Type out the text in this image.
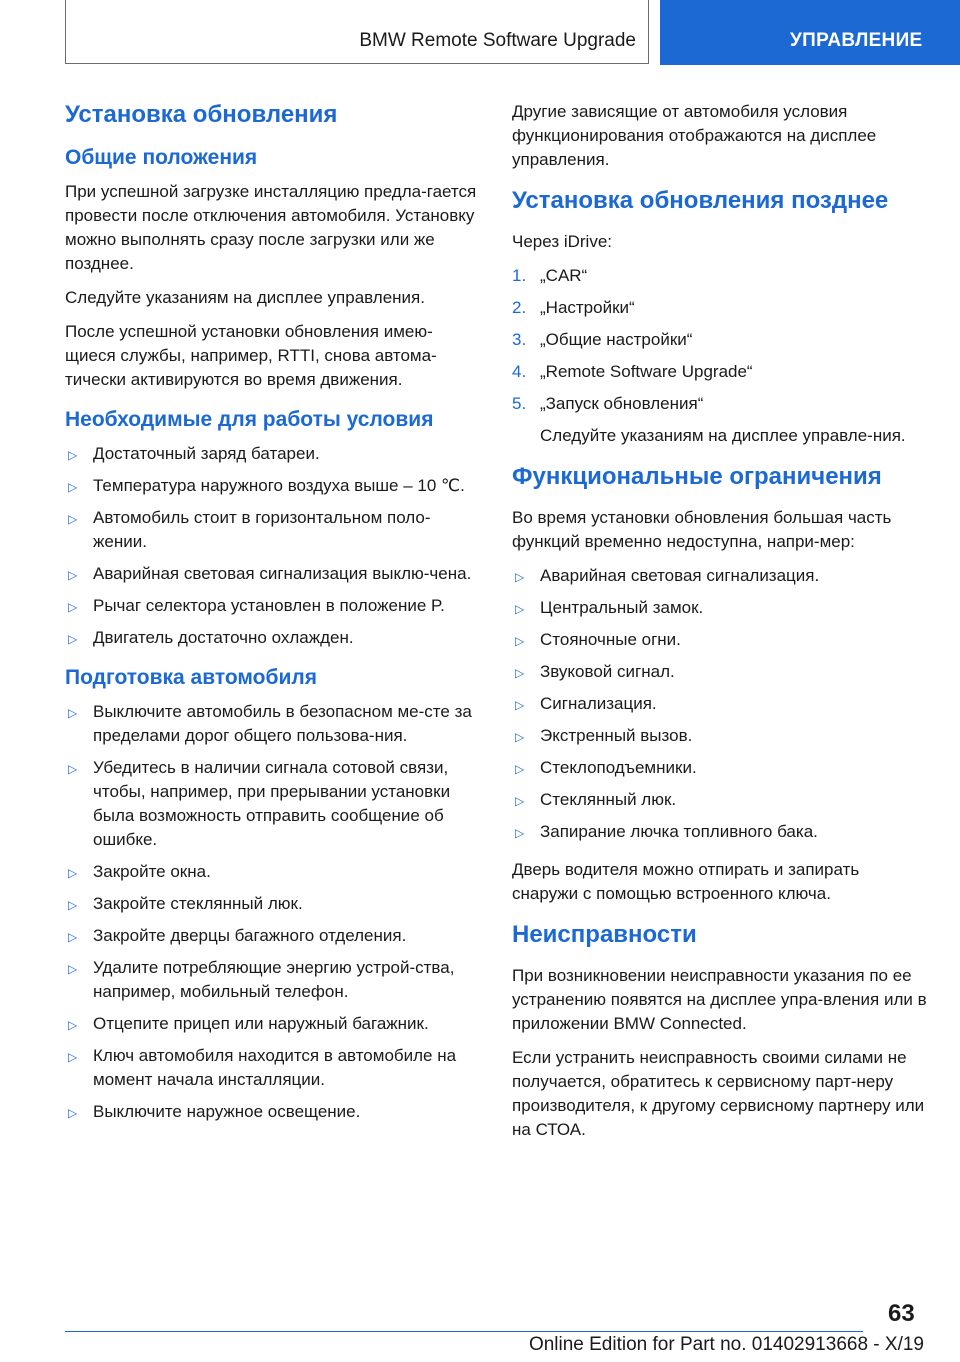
BMW Remote Software Upgrade	УПРАВЛЕНИЕ
Установка обновления
Общие положения

При успешной загрузке инсталляцию предла-гается провести после отключения автомобиля. Установку можно выполнять сразу после загрузки или же позднее.

Следуйте указаниям на дисплее управления.

После успешной установки обновления имею-щиеся службы, например, RTTI, снова автома-тически активируются во время движения.

Необходимые для работы условия
▷ Достаточный заряд батареи.
▷ Температура наружного воздуха выше – 10 ℃.
▷ Автомобиль стоит в горизонтальном поло-жении.
▷ Аварийная световая сигнализация выклю-чена.
▷ Рычаг селектора установлен в положение P.
▷ Двигатель достаточно охлажден.
Подготовка автомобиля
▷ Выключите автомобиль в безопасном ме-сте за пределами дорог общего пользова-ния.
▷ Убедитесь в наличии сигнала сотовой связи, чтобы, например, при прерывании установки была возможность отправить сообщение об ошибке.
▷ Закройте окна.
▷ Закройте стеклянный люк.
▷ Закройте дверцы багажного отделения.
▷ Удалите потребляющие энергию устрой-ства, например, мобильный телефон.
▷ Отцепите прицеп или наружный багажник.
▷ Ключ автомобиля находится в автомобиле на момент начала инсталляции.
▷ Выключите наружное освещение.

Другие зависящие от автомобиля условия функционирования отображаются на дисплее управления.

Установка обновления позднее

Через iDrive:

1. „CAR“
2. „Настройки“
3. „Общие настройки“
4. „Remote Software Upgrade“
5. „Запуск обновления“
Следуйте указаниям на дисплее управле-ния.
Функциональные ограничения

Во время установки обновления большая часть функций временно недоступна, напри-мер:

▷ Аварийная световая сигнализация.
▷ Центральный замок.
▷ Стояночные огни.
▷ Звуковой сигнал.
▷ Сигнализация.
▷ Экстренный вызов.
▷ Стеклоподъемники.
▷ Стеклянный люк.
▷ Запирание лючка топливного бака.

Дверь водителя можно отпирать и запирать снаружи с помощью встроенного ключа.

Неисправности

При возникновении неисправности указания по ее устранению появятся на дисплее упра-вления или в приложении BMW Connected.

Если устранить неисправность своими силами не получается, обратитесь к сервисному парт-неру производителя, к другому сервисному партнеру или на СТОА.

63
Online Edition for Part no. 01402913668 - X/19
